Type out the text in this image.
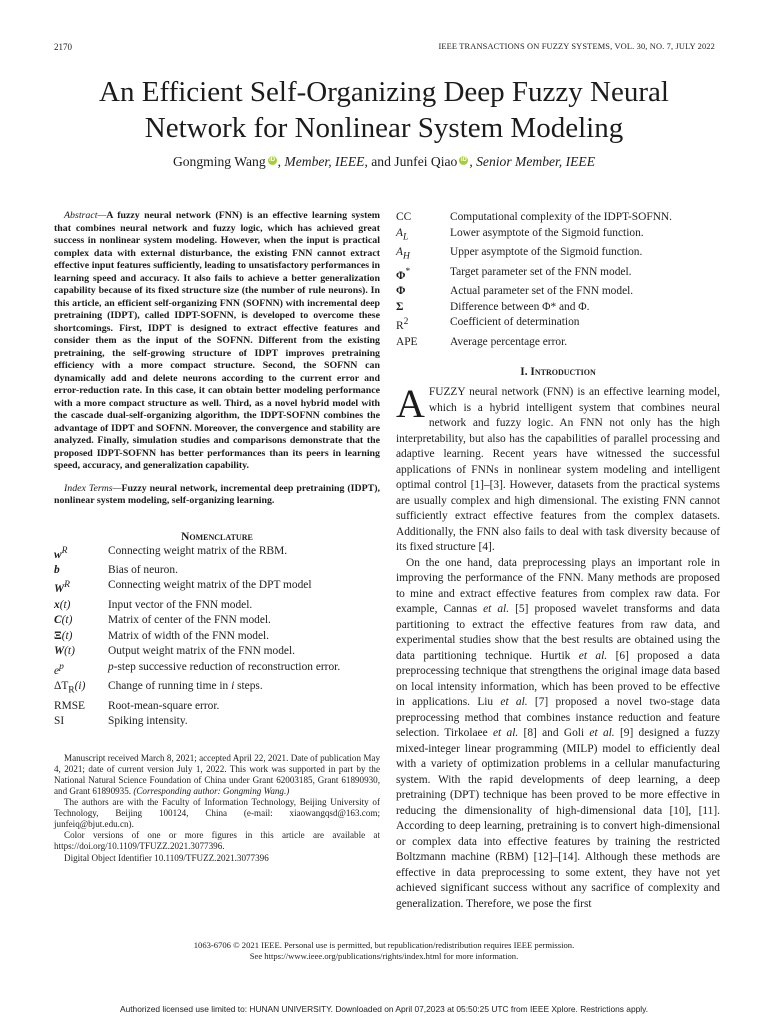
2170	IEEE TRANSACTIONS ON FUZZY SYSTEMS, VOL. 30, NO. 7, JULY 2022
An Efficient Self-Organizing Deep Fuzzy Neural
Network for Nonlinear System Modeling
Gongming Wang iD , Member, IEEE, and Junfei Qiao iD , Senior Member, IEEE

Abstract—A fuzzy neural network (FNN) is an effective learning system that combines neural network and fuzzy logic, which has achieved great success in nonlinear system modeling. However, when the input is practical complex data with external disturbance, the existing FNN cannot extract effective input features sufficiently, leading to unsatisfactory performances in learning speed and accuracy. It also fails to achieve a better generalization capability because of its fixed structure size (the number of rule neurons). In this article, an efficient self-organizing FNN (SOFNN) with incremental deep pretraining (IDPT), called IDPT-SOFNN, is developed to overcome these shortcomings. First, IDPT is designed to extract effective features and consider them as the input of the SOFNN. Different from the existing pretraining, the self-growing structure of IDPT improves pretraining efficiency with a more compact structure. Second, the SOFNN can dynamically add and delete neurons according to the current error and error-reduction rate. In this case, it can obtain better modeling performance with a more compact structure as well. Third, as a novel hybrid model with the cascade dual-self-organizing algorithm, the IDPT-SOFNN combines the advantage of IDPT and SOFNN. Moreover, the convergence and stability are analyzed. Finally, simulation studies and comparisons demonstrate that the proposed IDPT-SOFNN has better performances than its peers in learning speed, accuracy, and generalization capability.

Index Terms—Fuzzy neural network, incremental deep pretraining (IDPT), nonlinear system modeling, self-organizing learning.

Nomenclature
$w^R$	Connecting weight matrix of the RBM.
b	Bias of neuron.
$W^R$	Connecting weight matrix of the DPT model
x(t)	Input vector of the FNN model.
C(t)	Matrix of center of the FNN model.
Ξ(t)	Matrix of width of the FNN model.
W(t)	Output weight matrix of the FNN model.
$e^p$	p-step successive reduction of reconstruction error.
$\Delta T_R(i)$	Change of running time in i steps.
RMSE	Root-mean-square error.
SI	Spiking intensity.

Manuscript received March 8, 2021; accepted April 22, 2021. Date of publication May 4, 2021; date of current version July 1, 2022. This work was supported in part by the National Natural Science Foundation of China under Grant 62003185, Grant 61890930, and Grant 61890935. (Corresponding author: Gongming Wang.)

The authors are with the Faculty of Information Technology, Beijing University of Technology, Beijing 100124, China (e-mail: xiaowangqsd@163.com; junfeiq@bjut.edu.cn).

Color versions of one or more figures in this article are available at https://doi.org/10.1109/TFUZZ.2021.3077396.

Digital Object Identifier 10.1109/TFUZZ.2021.3077396

CC	Computational complexity of the IDPT-SOFNN.
$A_L$	Lower asymptote of the Sigmoid function.
$A_H$	Upper asymptote of the Sigmoid function.
Φ*	Target parameter set of the FNN model.
Φ	Actual parameter set of the FNN model.
Σ	Difference between Φ* and Φ.
$R^2$	Coefficient of determination
APE	Average percentage error.
I. Introduction

AFUZZY neural network (FNN) is an effective learning model, which is a hybrid intelligent system that combines neural network and fuzzy logic. An FNN not only has the high interpretability, but also has the capabilities of parallel processing and adaptive learning. Recent years have witnessed the successful applications of FNNs in nonlinear system modeling and intelligent optimal control [1]–[3]. However, datasets from the practical systems are usually complex and high dimensional. The existing FNN cannot sufficiently extract effective features from the complex datasets. Additionally, the FNN also fails to deal with task diversity because of its fixed structure [4].

On the one hand, data preprocessing plays an important role in improving the performance of the FNN. Many methods are proposed to mine and extract effective features from complex raw data. For example, Cannas et al. [5] proposed wavelet transforms and data partitioning to extract the effective features from raw data, and experimental studies show that the best results are obtained using the data partitioning technique. Hurtik et al. [6] proposed a data preprocessing technique that strengthens the original image data based on local intensity information, which has been proved to be effective in applications. Liu et al. [7] proposed a novel two-stage data preprocessing method that combines instance reduction and feature selection. Tirkolaee et al. [8] and Goli et al. [9] designed a fuzzy mixed-integer linear programming (MILP) model to efficiently deal with a variety of optimization problems in a cellular manufacturing system. With the rapid developments of deep learning, a deep pretraining (DPT) technique has been proved to be more effective in reducing the dimensionality of high-dimensional data [10], [11]. According to deep learning, pretraining is to convert high-dimensional or complex data into effective features by training the restricted Boltzmann machine (RBM) [12]–[14]. Although these methods are effective in data preprocessing to some extent, they have not yet achieved significant success without any sacrifice of complexity and generalization. Therefore, we pose the first

1063-6706 © 2021 IEEE. Personal use is permitted, but republication/redistribution requires IEEE permission.
See https://www.ieee.org/publications/rights/index.html for more information.
Authorized licensed use limited to: HUNAN UNIVERSITY. Downloaded on April 07,2023 at 05:50:25 UTC from IEEE Xplore. Restrictions apply.
